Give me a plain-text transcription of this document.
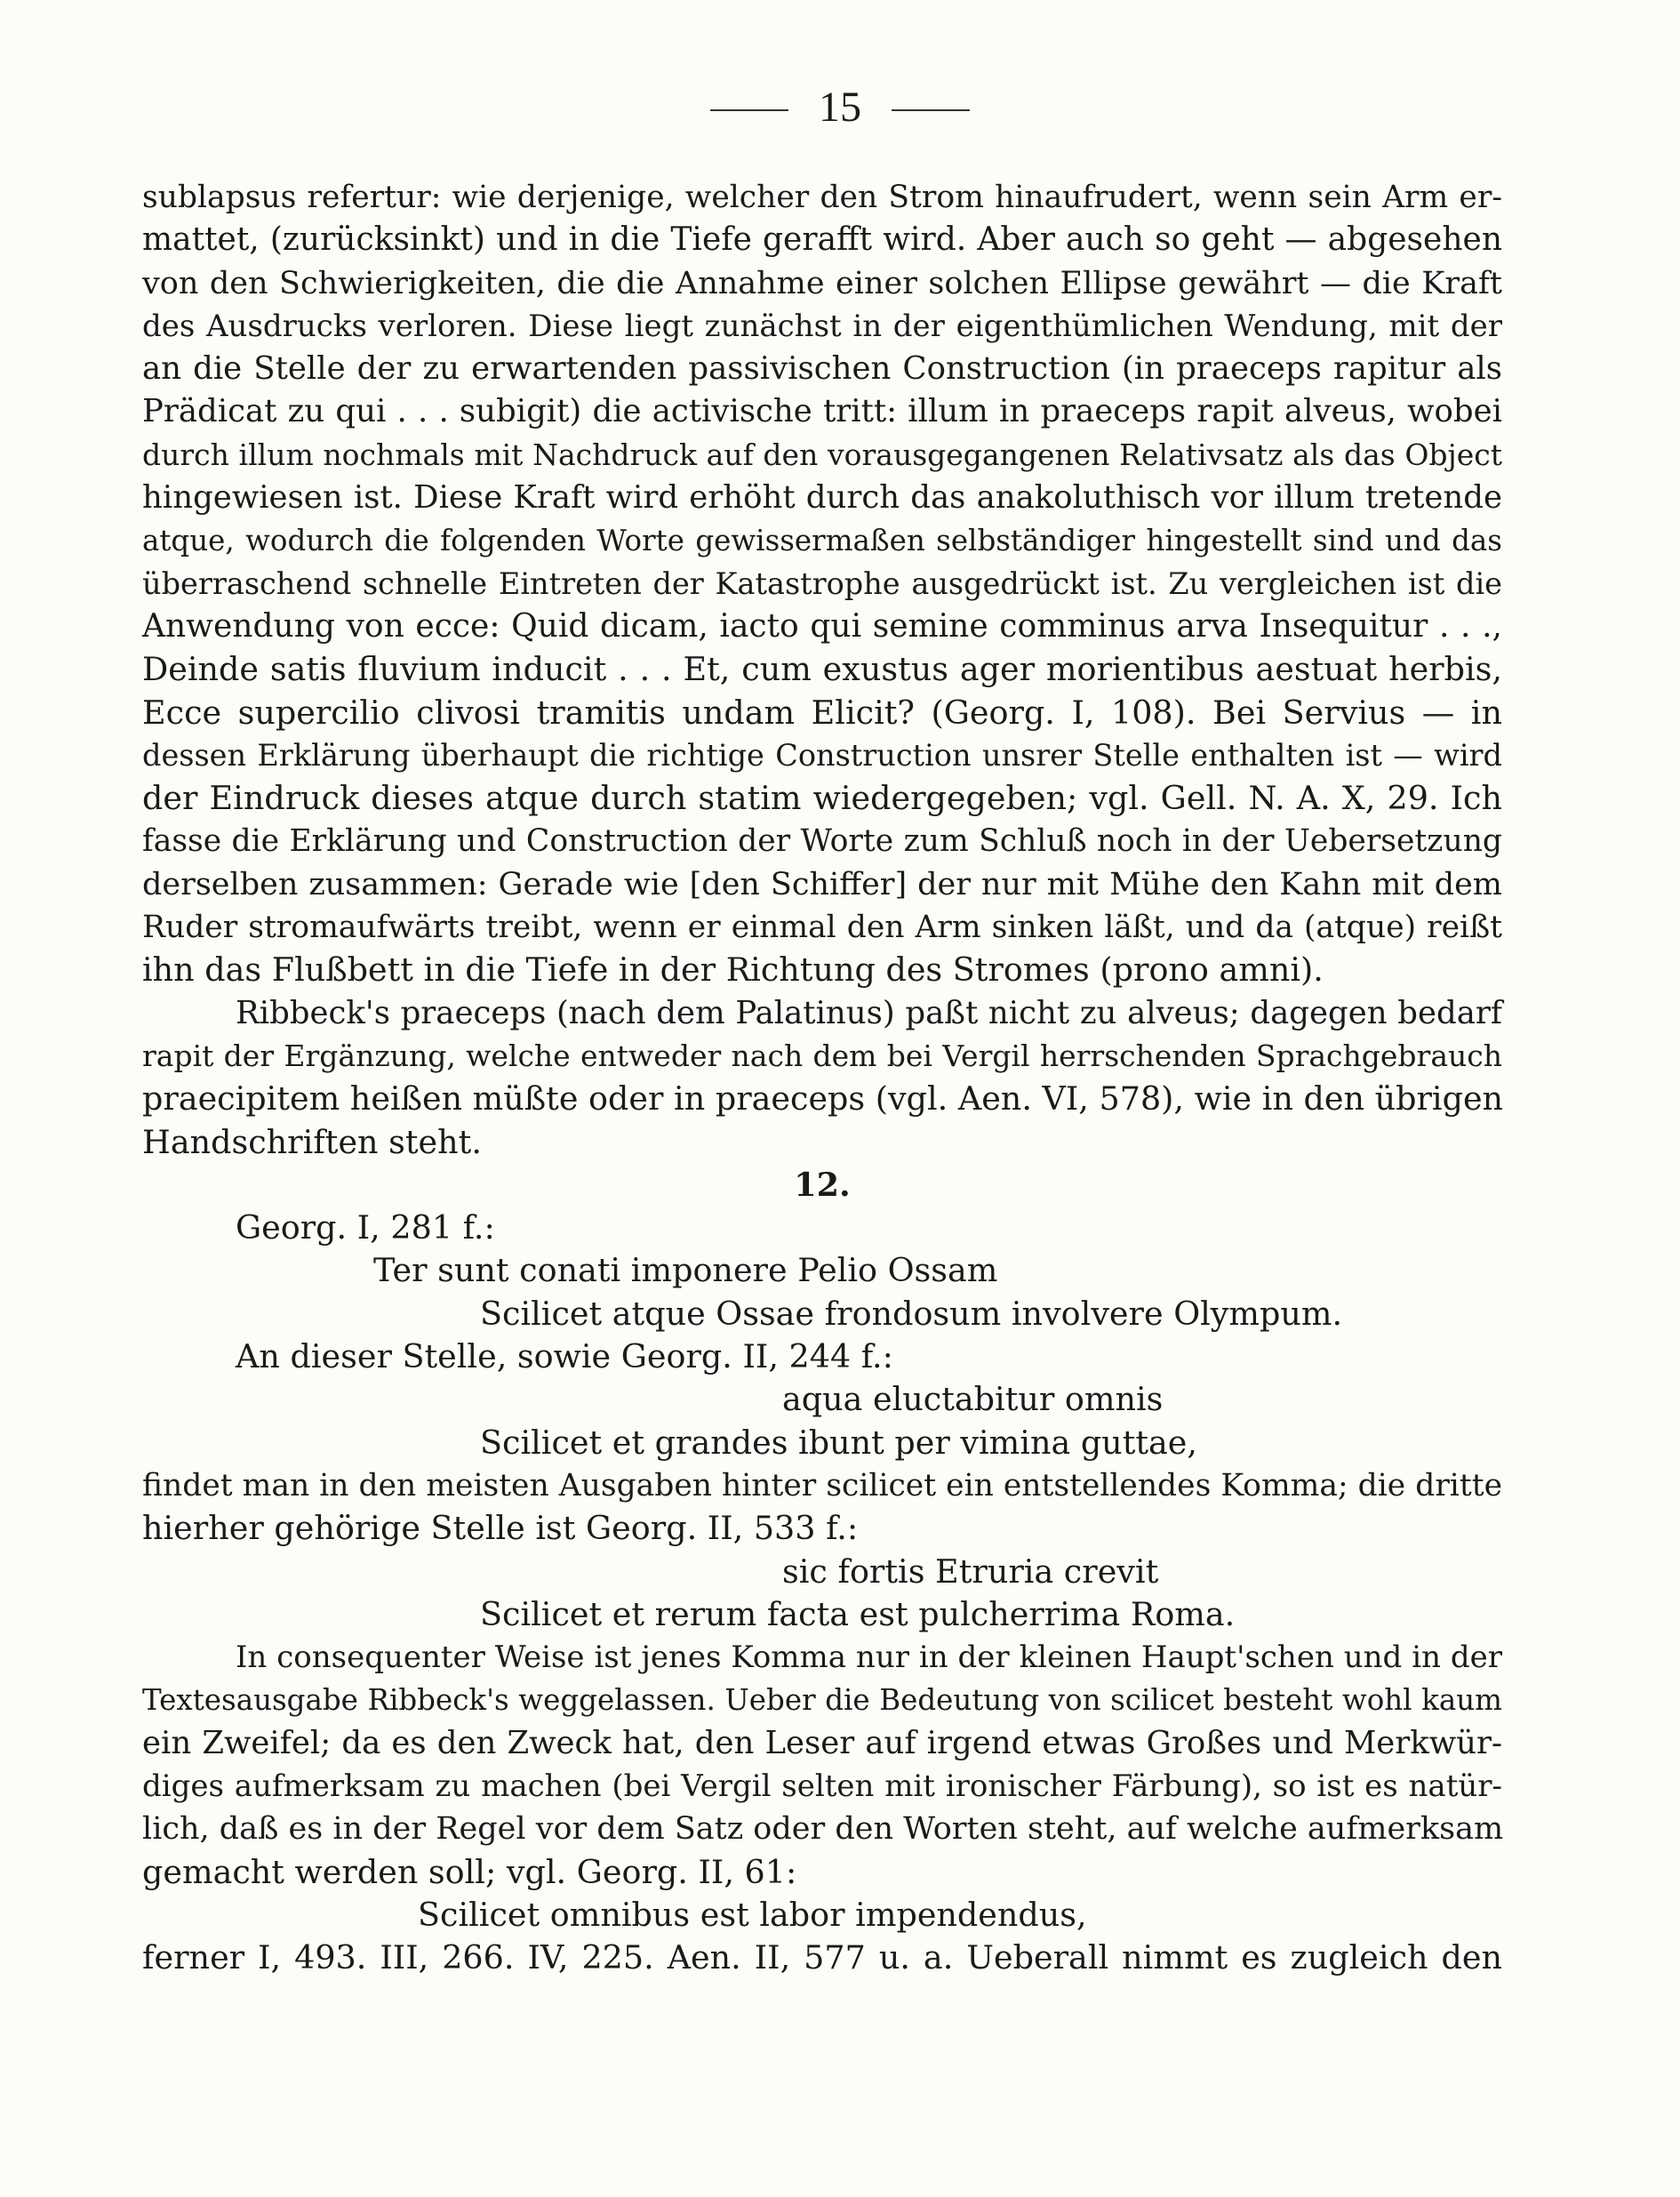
15
sublapsus refertur: wie derjenige, welcher den Strom hinaufrudert, wenn sein Arm er-
mattet, (zurücksinkt) und in die Tiefe gerafft wird. Aber auch so geht — abgesehen
von den Schwierigkeiten, die die Annahme einer solchen Ellipse gewährt — die Kraft
des Ausdrucks verloren. Diese liegt zunächst in der eigenthümlichen Wendung, mit der
an die Stelle der zu erwartenden passivischen Construction (in praeceps rapitur als
Prädicat zu qui . . . subigit) die activische tritt: illum in praeceps rapit alveus, wobei
durch illum nochmals mit Nachdruck auf den vorausgegangenen Relativsatz als das Object
hingewiesen ist. Diese Kraft wird erhöht durch das anakoluthisch vor illum tretende
atque, wodurch die folgenden Worte gewissermaßen selbständiger hingestellt sind und das
überraschend schnelle Eintreten der Katastrophe ausgedrückt ist. Zu vergleichen ist die
Anwendung von ecce: Quid dicam, iacto qui semine comminus arva Insequitur . . .,
Deinde satis fluvium inducit . . . Et, cum exustus ager morientibus aestuat herbis,
Ecce supercilio clivosi tramitis undam Elicit? (Georg. I, 108). Bei Servius — in
dessen Erklärung überhaupt die richtige Construction unsrer Stelle enthalten ist — wird
der Eindruck dieses atque durch statim wiedergegeben; vgl. Gell. N. A. X, 29. Ich
fasse die Erklärung und Construction der Worte zum Schluß noch in der Uebersetzung
derselben zusammen: Gerade wie [den Schiffer] der nur mit Mühe den Kahn mit dem
Ruder stromaufwärts treibt, wenn er einmal den Arm sinken läßt, und da (atque) reißt
ihn das Flußbett in die Tiefe in der Richtung des Stromes (prono amni).
Ribbeck's praeceps (nach dem Palatinus) paßt nicht zu alveus; dagegen bedarf
rapit der Ergänzung, welche entweder nach dem bei Vergil herrschenden Sprachgebrauch
praecipitem heißen müßte oder in praeceps (vgl. Aen. VI, 578), wie in den übrigen
Handschriften steht.
12.
Georg. I, 281 f.:
Ter sunt conati imponere Pelio Ossam
Scilicet atque Ossae frondosum involvere Olympum.
An dieser Stelle, sowie Georg. II, 244 f.:
aqua eluctabitur omnis
Scilicet et grandes ibunt per vimina guttae,
findet man in den meisten Ausgaben hinter scilicet ein entstellendes Komma; die dritte
hierher gehörige Stelle ist Georg. II, 533 f.:
sic fortis Etruria crevit
Scilicet et rerum facta est pulcherrima Roma.
In consequenter Weise ist jenes Komma nur in der kleinen Haupt'schen und in der
Textesausgabe Ribbeck's weggelassen. Ueber die Bedeutung von scilicet besteht wohl kaum
ein Zweifel; da es den Zweck hat, den Leser auf irgend etwas Großes und Merkwür-
diges aufmerksam zu machen (bei Vergil selten mit ironischer Färbung), so ist es natür-
lich, daß es in der Regel vor dem Satz oder den Worten steht, auf welche aufmerksam
gemacht werden soll; vgl. Georg. II, 61:
Scilicet omnibus est labor impendendus,
ferner I, 493. III, 266. IV, 225. Aen. II, 577 u. a. Ueberall nimmt es zugleich den
